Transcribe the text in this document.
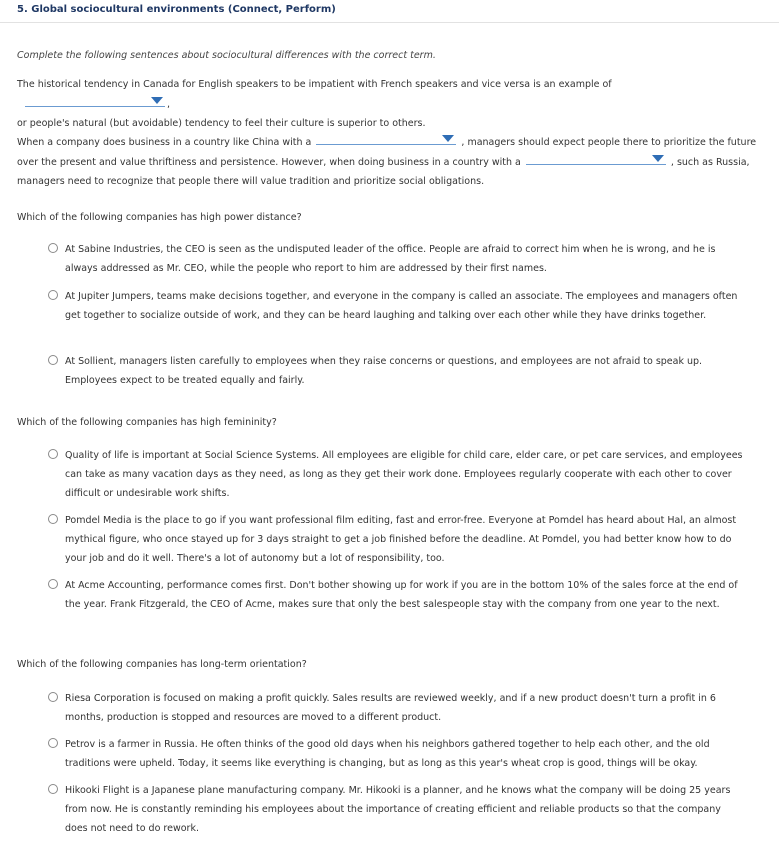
5. Global sociocultural environments (Connect, Perform)
Complete the following sentences about sociocultural differences with the correct term.
The historical tendency in Canada for English speakers to be impatient with French speakers and vice versa is an example of
,
or people's natural (but avoidable) tendency to feel their culture is superior to others.
When a company does business in a country like China with a	, managers should expect people there to prioritize the future over the present and value thriftiness and persistence. However, when doing business in a country with a	, such as Russia, managers need to recognize that people there will value tradition and prioritize social obligations.
Which of the following companies has high power distance?
At Sabine Industries, the CEO is seen as the undisputed leader of the office. People are afraid to correct him when he is wrong, and he is always addressed as Mr. CEO, while the people who report to him are addressed by their first names.
At Jupiter Jumpers, teams make decisions together, and everyone in the company is called an associate. The employees and managers often get together to socialize outside of work, and they can be heard laughing and talking over each other while they have drinks together.
At Sollient, managers listen carefully to employees when they raise concerns or questions, and employees are not afraid to speak up. Employees expect to be treated equally and fairly.
Which of the following companies has high femininity?
Quality of life is important at Social Science Systems. All employees are eligible for child care, elder care, or pet care services, and employees can take as many vacation days as they need, as long as they get their work done. Employees regularly cooperate with each other to cover difficult or undesirable work shifts.
Pomdel Media is the place to go if you want professional film editing, fast and error-free. Everyone at Pomdel has heard about Hal, an almost mythical figure, who once stayed up for 3 days straight to get a job finished before the deadline. At Pomdel, you had better know how to do your job and do it well. There's a lot of autonomy but a lot of responsibility, too.
At Acme Accounting, performance comes first. Don't bother showing up for work if you are in the bottom 10% of the sales force at the end of the year. Frank Fitzgerald, the CEO of Acme, makes sure that only the best salespeople stay with the company from one year to the next.
Which of the following companies has long-term orientation?
Riesa Corporation is focused on making a profit quickly. Sales results are reviewed weekly, and if a new product doesn't turn a profit in 6 months, production is stopped and resources are moved to a different product.
Petrov is a farmer in Russia. He often thinks of the good old days when his neighbors gathered together to help each other, and the old traditions were upheld. Today, it seems like everything is changing, but as long as this year's wheat crop is good, things will be okay.
Hikooki Flight is a Japanese plane manufacturing company. Mr. Hikooki is a planner, and he knows what the company will be doing 25 years from now. He is constantly reminding his employees about the importance of creating efficient and reliable products so that the company does not need to do rework.
